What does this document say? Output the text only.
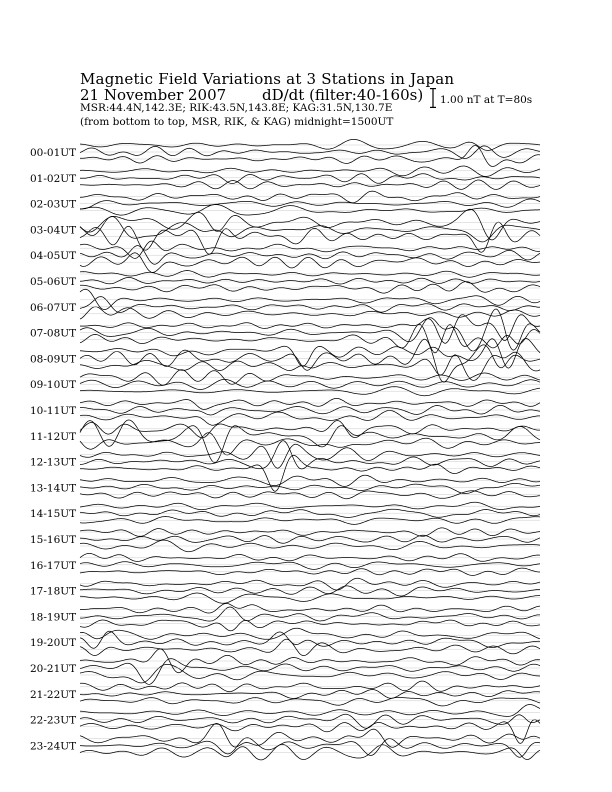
Magnetic Field Variations at 3 Stations in Japan
21 November 2007 dD/dt (filter:40-160s)
MSR:44.4N,142.3E; RIK:43.5N,143.8E; KAG:31.5N,130.7E
(from bottom to top, MSR, RIK, & KAG) midnight=1500UT
1.00 nT at T=80s
00-01UT
01-02UT
02-03UT
03-04UT
04-05UT
05-06UT
06-07UT
07-08UT
08-09UT
09-10UT
10-11UT
11-12UT
12-13UT
13-14UT
14-15UT
15-16UT
16-17UT
17-18UT
18-19UT
19-20UT
20-21UT
21-22UT
22-23UT
23-24UT
